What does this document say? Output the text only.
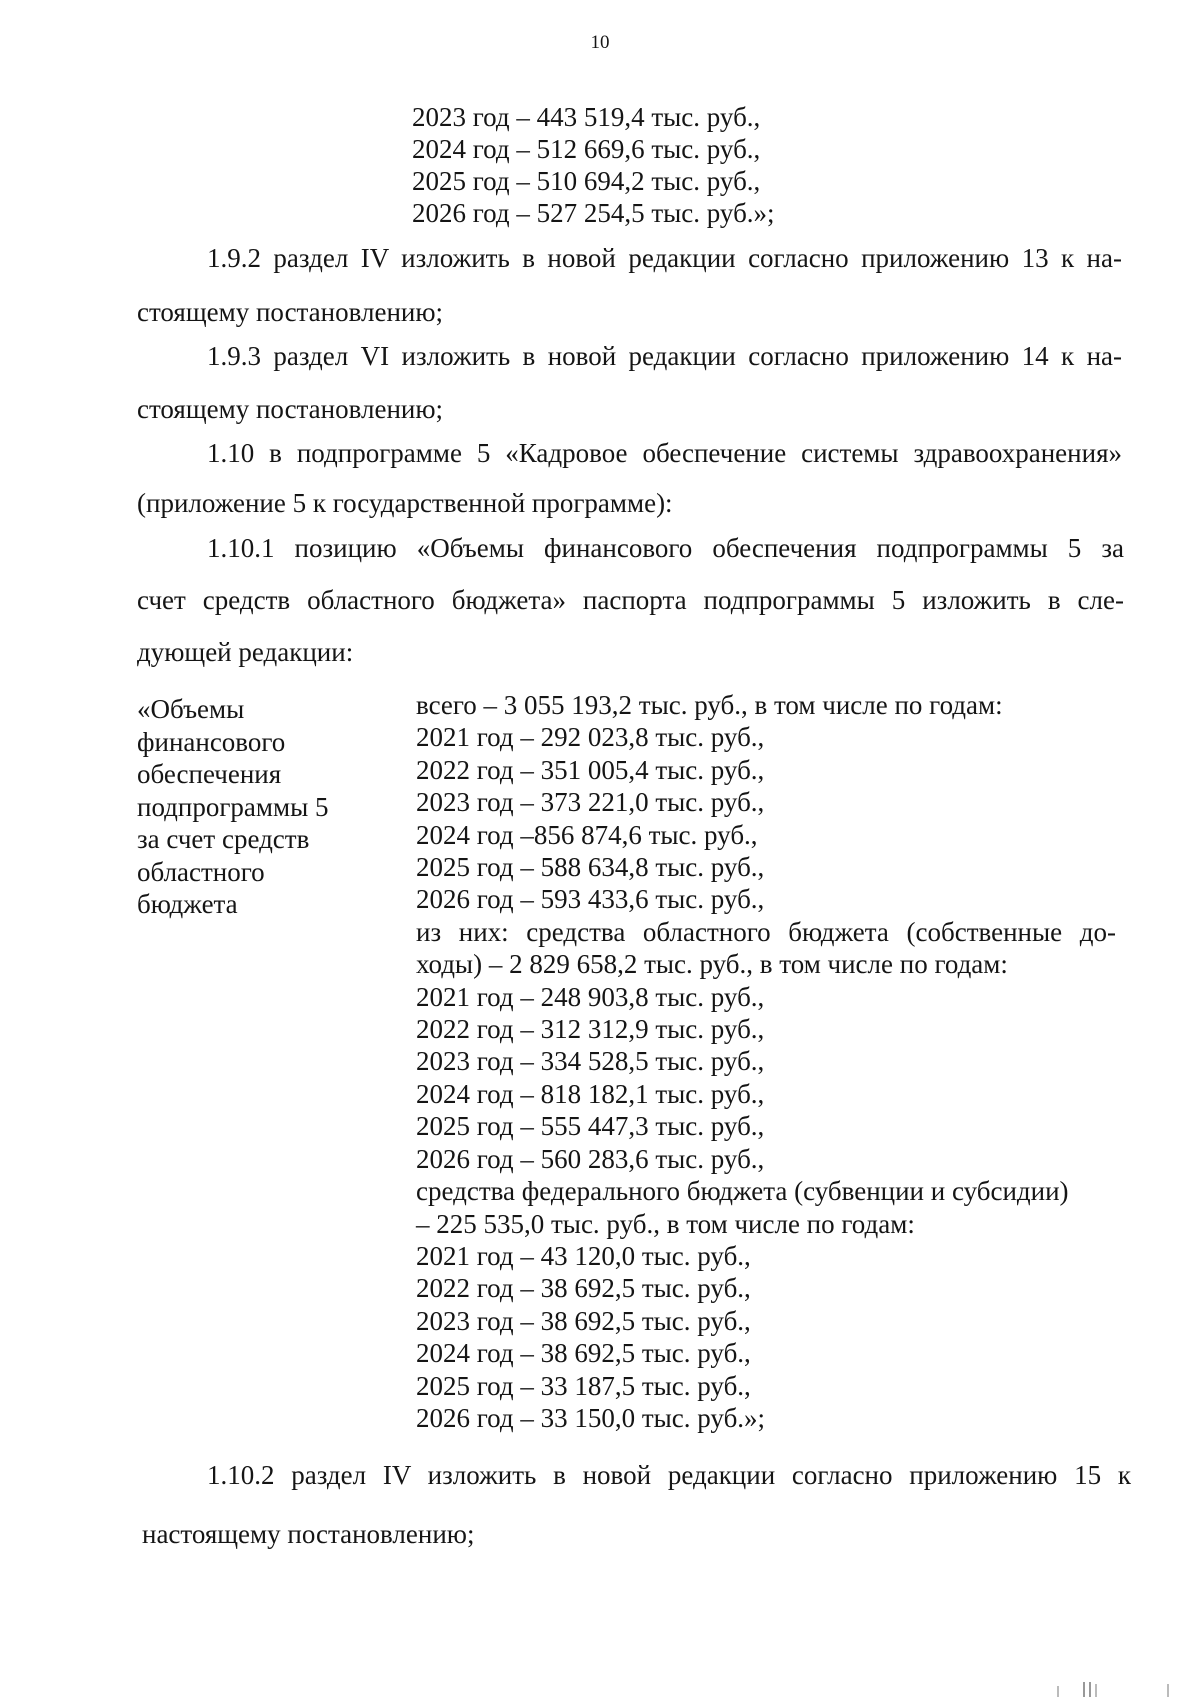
10
2023 год – 443 519,4 тыс. руб.,
2024 год – 512 669,6 тыс. руб.,
2025 год – 510 694,2 тыс. руб.,
2026 год – 527 254,5 тыс. руб.»;
1.9.2 раздел IV изложить в новой редакции согласно приложению 13 к на-
стоящему постановлению;
1.9.3 раздел VI изложить в новой редакции согласно приложению 14 к на-
стоящему постановлению;
1.10 в подпрограмме 5 «Кадровое обеспечение системы здравоохранения»
(приложение 5 к государственной программе):
1.10.1 позицию «Объемы финансового обеспечения подпрограммы 5 за
счет средств областного бюджета» паспорта подпрограммы 5 изложить в сле-
дующей редакции:
«Объемы
финансового
обеспечения
подпрограммы 5
за счет средств
областного
бюджета
всего – 3 055 193,2 тыс. руб., в том числе по годам:
2021 год – 292 023,8 тыс. руб.,
2022 год – 351 005,4 тыс. руб.,
2023 год – 373 221,0 тыс. руб.,
2024 год –856 874,6 тыс. руб.,
2025 год – 588 634,8 тыс. руб.,
2026 год – 593 433,6 тыс. руб.,
из них: средства областного бюджета (собственные до-
ходы) – 2 829 658,2 тыс. руб., в том числе по годам:
2021 год – 248 903,8 тыс. руб.,
2022 год – 312 312,9 тыс. руб.,
2023 год – 334 528,5 тыс. руб.,
2024 год – 818 182,1 тыс. руб.,
2025 год – 555 447,3 тыс. руб.,
2026 год – 560 283,6 тыс. руб.,
средства федерального бюджета (субвенции и субсидии)
– 225 535,0 тыс. руб., в том числе по годам:
2021 год – 43 120,0 тыс. руб.,
2022 год – 38 692,5 тыс. руб.,
2023 год – 38 692,5 тыс. руб.,
2024 год – 38 692,5 тыс. руб.,
2025 год – 33 187,5 тыс. руб.,
2026 год – 33 150,0 тыс. руб.»;
1.10.2 раздел IV изложить в новой редакции согласно приложению 15 к
настоящему постановлению;
